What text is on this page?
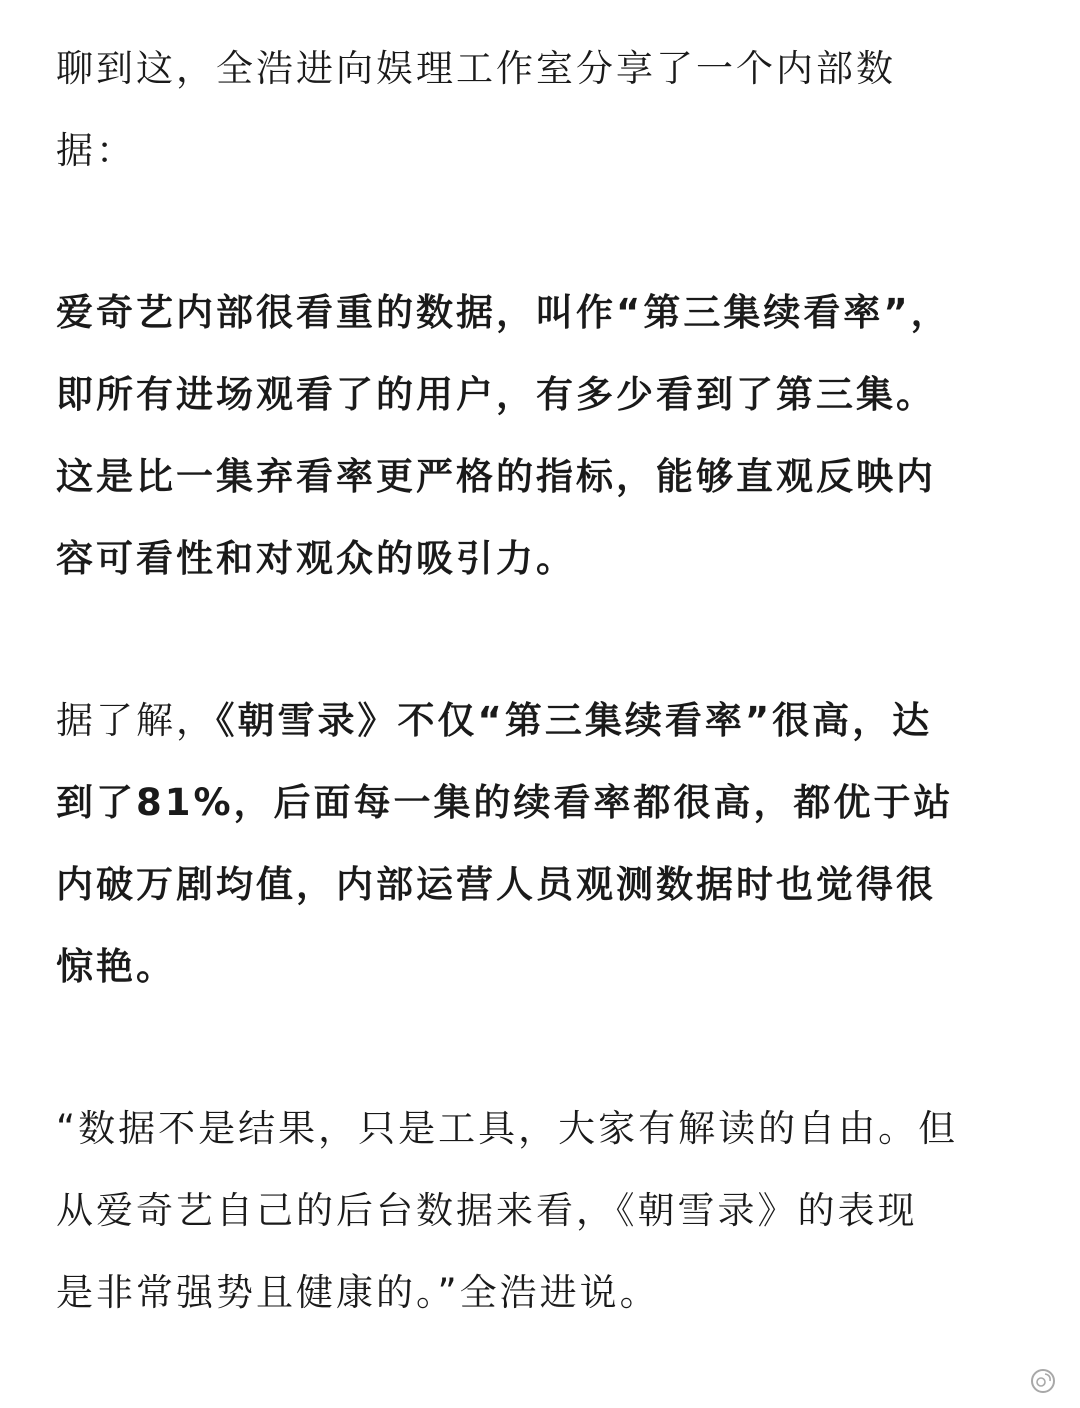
聊到这，全浩进向娱理工作室分享了一个内部数
据：

爱奇艺内部很看重的数据，叫作“第三集续看率”，
即所有进场观看了的用户，有多少看到了第三集。
这是比一集弃看率更严格的指标，能够直观反映内
容可看性和对观众的吸引力。

据了解，《朝雪录》不仅“第三集续看率”很高，达
到了81%，后面每一集的续看率都很高，都优于站
内破万剧均值，内部运营人员观测数据时也觉得很
惊艳。

“数据不是结果，只是工具，大家有解读的自由。但
从爱奇艺自己的后台数据来看，《朝雪录》的表现
是非常强势且健康的。”全浩进说。
